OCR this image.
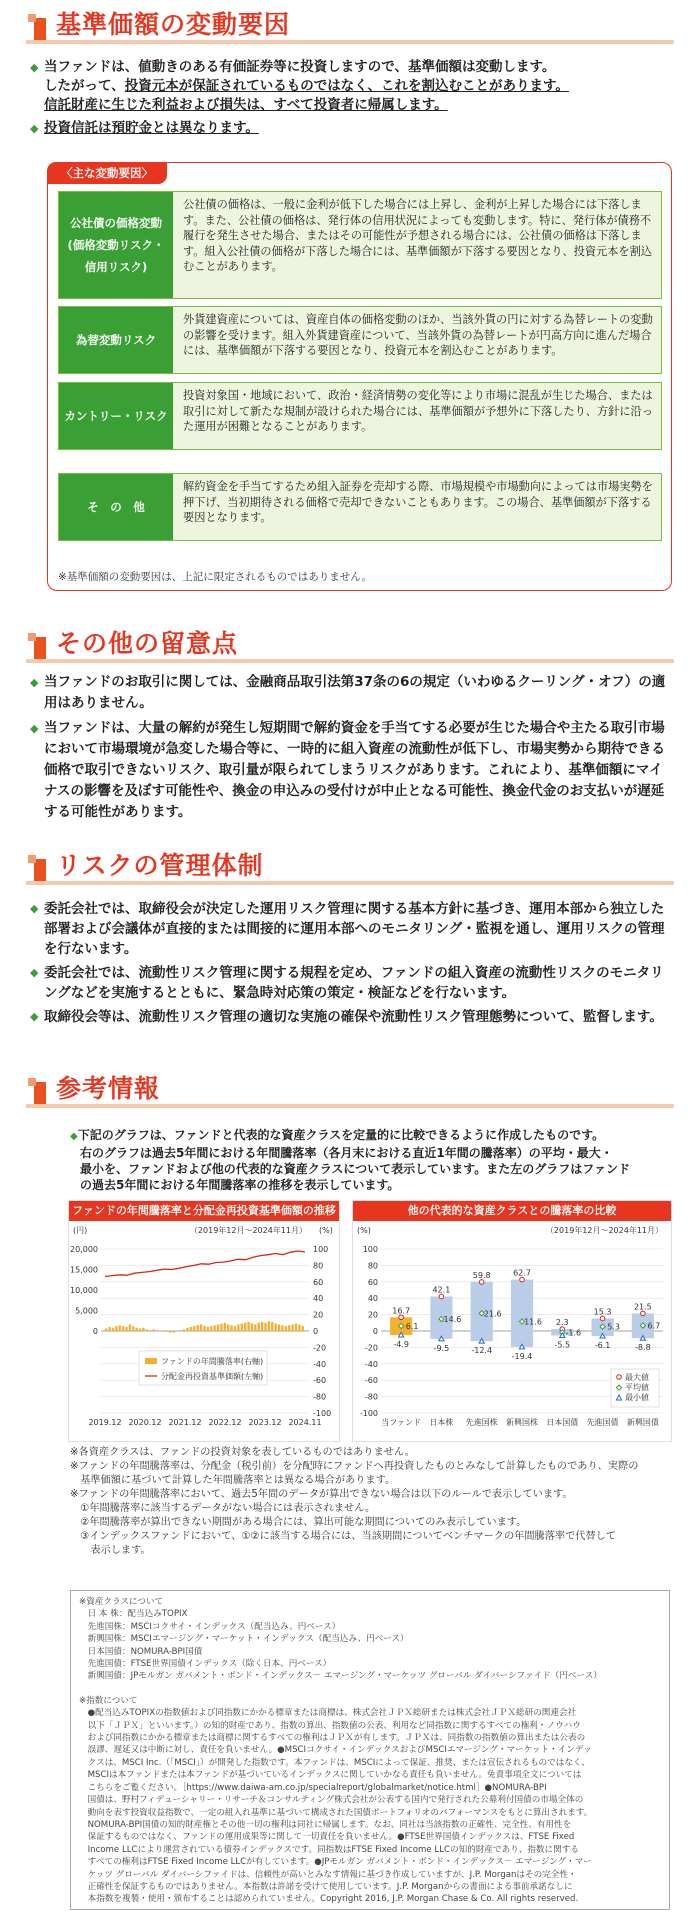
基準価額の変動要因
◆ 当ファンドは、値動きのある有価証券等に投資しますので、基準価額は変動します。
したがって、投資元本が保証されているものではなく、これを割込むことがあります。
信託財産に生じた利益および損失は、すべて投資者に帰属します。
◆ 投資信託は預貯金とは異なります。
〈主な変動要因〉
公社債の価格変動
(価格変動リスク・
信用リスク)
公社債の価格は、一般に金利が低下した場合には上昇し、金利が上昇した場合には下落します。また、公社債の価格は、発行体の信用状況によっても変動します。特に、発行体が債務不履行を発生させた場合、またはその可能性が予想される場合には、公社債の価格は下落します。組入公社債の価格が下落した場合には、基準価額が下落する要因となり、投資元本を割込むことがあります。
為替変動リスク
外貨建資産については、資産自体の価格変動のほか、当該外貨の円に対する為替レートの変動の影響を受けます。組入外貨建資産について、当該外貨の為替レートが円高方向に進んだ場合には、基準価額が下落する要因となり、投資元本を割込むことがあります。
カントリー・リスク
投資対象国・地域において、政治・経済情勢の変化等により市場に混乱が生じた場合、または取引に対して新たな規制が設けられた場合には、基準価額が予想外に下落したり、方針に沿った運用が困難となることがあります。
そ　の　他
解約資金を手当てするため組入証券を売却する際、市場規模や市場動向によっては市場実勢を押下げ、当初期待される価格で売却できないこともあります。この場合、基準価額が下落する要因となります。
※基準価額の変動要因は、上記に限定されるものではありません。
その他の留意点
◆ 当ファンドのお取引に関しては、金融商品取引法第37条の6の規定（いわゆるクーリング・オフ）の適用はありません。
◆ 当ファンドは、大量の解約が発生し短期間で解約資金を手当てする必要が生じた場合や主たる取引市場において市場環境が急変した場合等に、一時的に組入資産の流動性が低下し、市場実勢から期待できる価格で取引できないリスク、取引量が限られてしまうリスクがあります。これにより、基準価額にマイナスの影響を及ぼす可能性や、換金の申込みの受付けが中止となる可能性、換金代金のお支払いが遅延する可能性があります。
リスクの管理体制
◆ 委託会社では、取締役会が決定した運用リスク管理に関する基本方針に基づき、運用本部から独立した部署および会議体が直接的または間接的に運用本部へのモニタリング・監視を通し、運用リスクの管理を行ないます。
◆ 委託会社では、流動性リスク管理に関する規程を定め、ファンドの組入資産の流動性リスクのモニタリングなどを実施するとともに、緊急時対応策の策定・検証などを行ないます。
◆ 取締役会等は、流動性リスク管理の適切な実施の確保や流動性リスク管理態勢について、監督します。
参考情報
◆下記のグラフは、ファンドと代表的な資産クラスを定量的に比較できるように作成したものです。
右のグラフは過去5年間における年間騰落率（各月末における直近1年間の騰落率）の平均・最大・
最小を、ファンドおよび他の代表的な資産クラスについて表示しています。また左のグラフはファンド
の過去5年間における年間騰落率の推移を表示しています。
ファンドの年間騰落率と分配金再投資基準価額の推移
(円)	(%)
（2019年12月～2024年11月）
100
80
60
40
20
0
-20
-40
-60
-80
-100
20,000
15,000
10,000
5,000
0
2019.12 2020.12 2021.12 2022.12 2023.12 2024.11
ファンドの年間騰落率(右軸)
分配金再投資基準価額(左軸)
他の代表的な資産クラスとの騰落率の比較
(%)	（2019年12月～2024年11月）
100
80
60
40
20
0
-20
-40
-60
-80
-100
16.7
6.1
-4.9
当ファンド
42.1
14.6
-9.5
日本株
59.8
21.6
-12.4
先進国株
62.7
11.6
-19.4
新興国株
2.3
-1.6
-5.5
日本国債
15.3
5.3
-6.1
先進国債
21.5
6.7
-8.8
新興国債
最大値
平均値
最小値
※各資産クラスは、ファンドの投資対象を表しているものではありません。
※ファンドの年間騰落率は、分配金（税引前）を分配時にファンドへ再投資したものとみなして計算したものであり、実際の
　基準価額に基づいて計算した年間騰落率とは異なる場合があります。
※ファンドの年間騰落率において、過去5年間のデータが算出できない場合は以下のルールで表示しています。
　①年間騰落率に該当するデータがない場合には表示されません。
　②年間騰落率が算出できない期間がある場合には、算出可能な期間についてのみ表示しています。
　③インデックスファンドにおいて、①②に該当する場合には、当該期間についてベンチマークの年間騰落率で代替して
　　表示します。
※資産クラスについて
　日 本 株：配当込みTOPIX
　先進国株：MSCIコクサイ・インデックス（配当込み、円ベース）
　新興国株：MSCIエマージング・マーケット・インデックス（配当込み、円ベース）
　日本国債：NOMURA-BPI国債
　先進国債：FTSE世界国債インデックス（除く日本、円ベース）
　新興国債：JPモルガン ガバメント・ボンド・インデックス－ エマージング・マーケッツ グローバル ダイバーシファイド（円ベース）
※指数について
　●配当込みTOPIXの指数値および同指数にかかる標章または商標は、株式会社ＪＰＸ総研または株式会社ＪＰＸ総研の関連会社
　以下「ＪＰＸ」といいます。）の知的財産であり、指数の算出、指数値の公表、利用など同指数に関するすべての権利・ノウハウ
　および同指数にかかる標章または商標に関するすべての権利はＪＰＸが有します。ＪＰＸは、同指数の指数値の算出または公表の
　誤謬、遅延又は中断に対し、責任を負いません。●MSCIコクサイ・インデックスおよびMSCIエマージング・マーケット・インデッ
　クスは、MSCI Inc.（「MSCI」）が開発した指数です。本ファンドは、MSCIによって保証、推奨、または宣伝されるものではなく、
　MSCIは本ファンドまたは本ファンドが基づいているインデックスに関していかなる責任も負いません。免責事項全文については
　こちらをご覧ください。［https://www.daiwa-am.co.jp/specialreport/globalmarket/notice.html］●NOMURA-BPI
　国債は、野村フィデューシャリー・リサーチ＆コンサルティング株式会社が公表する国内で発行された公募利付国債の市場全体の
　動向を表す投資収益指数で、一定の組入れ基準に基づいて構成された国債ポートフォリオのパフォーマンスをもとに算出されます。
　NOMURA-BPI国債の知的財産権とその他一切の権利は同社に帰属します。なお、同社は当該指数の正確性、完全性、有用性を
　保証するものではなく、ファンドの運用成果等に関して一切責任を負いません。●FTSE世界国債インデックスは、FTSE Fixed
　Income LLCにより運営されている債券インデックスです。同指数はFTSE Fixed Income LLCの知的財産であり、指数に関する
　すべての権利はFTSE Fixed Income LLCが有しています。●JPモルガン ガバメント・ボンド・インデックス－ エマージング・マー
　ケッツ グローバル ダイバーシファイドは、信頼性が高いとみなす情報に基づき作成していますが、J.P. Morganはその完全性・
　正確性を保証するものではありません。本指数は許諾を受けて使用しています。J.P. Morganからの書面による事前承諾なしに
　本指数を複製・使用・頒布することは認められていません。Copyright 2016, J.P. Morgan Chase & Co. All rights reserved.
